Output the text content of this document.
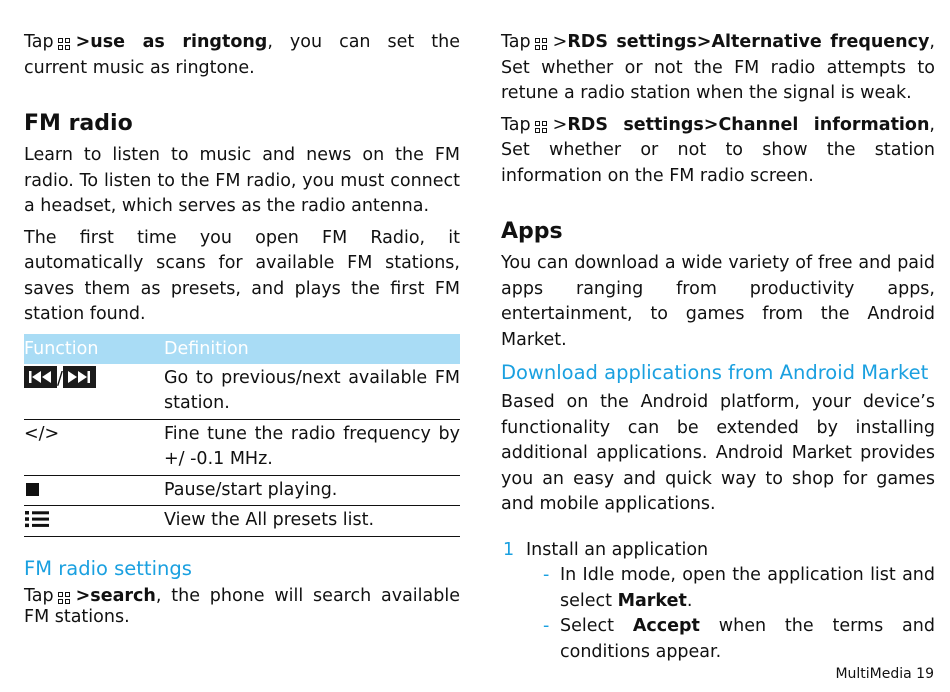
Tap >use as ringtong, you can set the current music as ringtone.

FM radio

Learn to listen to music and news on the FM radio. To listen to the FM radio, you must connect a headset, which serves as the radio antenna.

The first time you open FM Radio, it automatically scans for available FM stations, saves them as presets, and plays the first FM station found.

Function	Definition

/	Go to previous/next available FM station.
</>	Fine tune the radio frequency by +/ -0.1 MHz.
	Pause/start playing.
	View the All presets list.
FM radio settings

Tap >search, the phone will search available FM stations.

Tap >RDS settings>Alternative frequency, Set whether or not the FM radio attempts to retune a radio station when the signal is weak.

Tap >RDS settings>Channel information, Set whether or not to show the station information on the FM radio screen.

Apps

You can download a wide variety of free and paid apps ranging from productivity apps, entertainment, to games from the Android Market.

Download applications from Android Market

Based on the Android platform, your device’s functionality can be extended by installing additional applications. Android Market provides you an easy and quick way to shop for games and mobile applications.

1 Install an application

- In Idle mode, open the application list and select Market.

- Select Accept when the terms and conditions appear.

MultiMedia 19
